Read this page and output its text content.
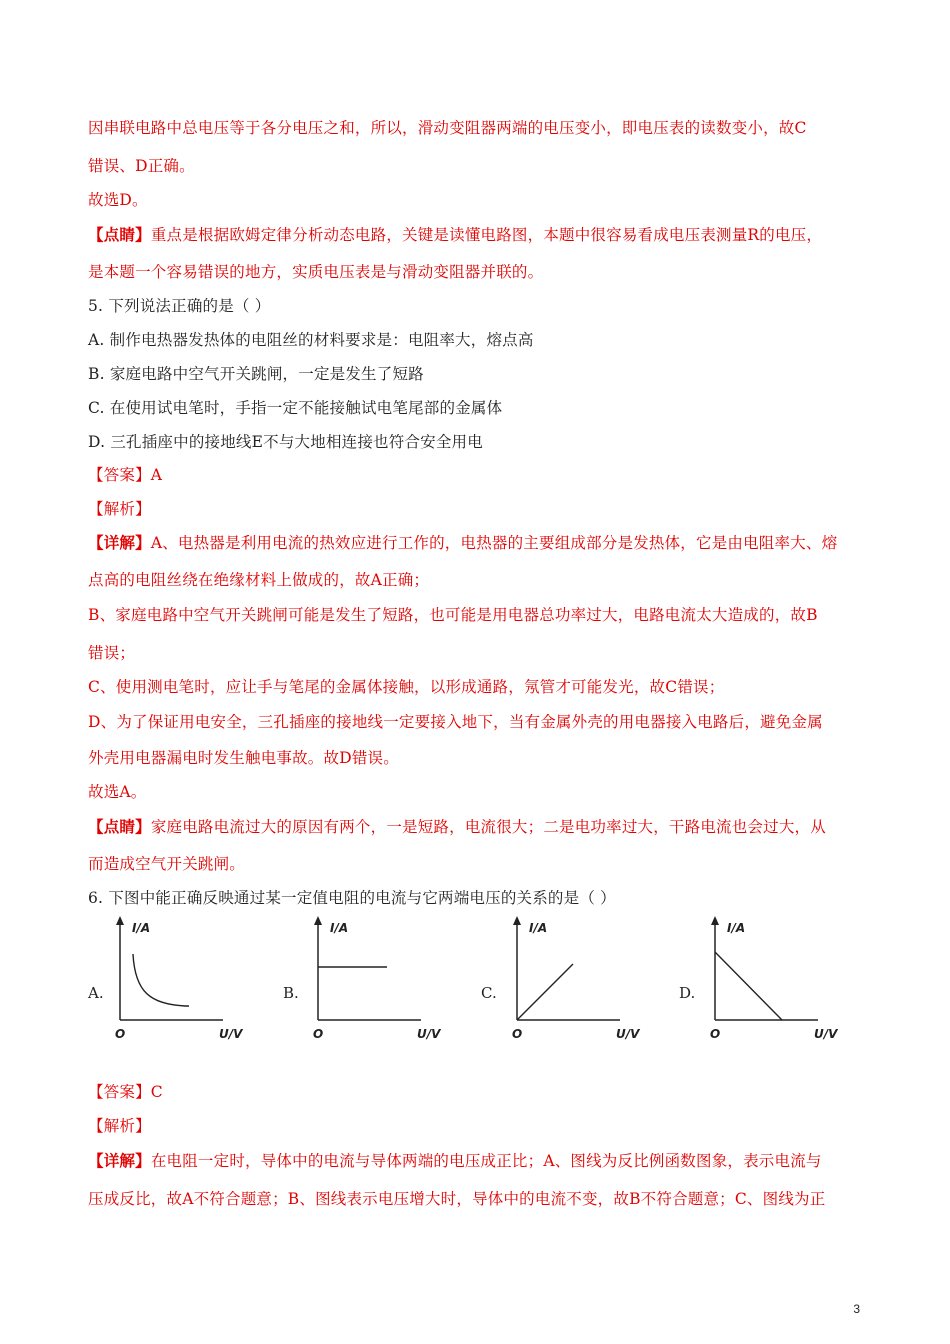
因串联电路中总电压等于各分电压之和，所以，滑动变阻器两端的电压变小，即电压表的读数变小，故C
错误、D正确。
故选D。
【点睛】重点是根据欧姆定律分析动态电路，关键是读懂电路图，本题中很容易看成电压表测量R的电压，
是本题一个容易错误的地方，实质电压表是与滑动变阻器并联的。
5. 下列说法正确的是（ ）
A. 制作电热器发热体的电阻丝的材料要求是：电阻率大，熔点高
B. 家庭电路中空气开关跳闸，一定是发生了短路
C. 在使用试电笔时，手指一定不能接触试电笔尾部的金属体
D. 三孔插座中的接地线E不与大地相连接也符合安全用电
【答案】A
【解析】
【详解】A、电热器是利用电流的热效应进行工作的，电热器的主要组成部分是发热体，它是由电阻率大、熔
点高的电阻丝绕在绝缘材料上做成的，故A正确；
B、家庭电路中空气开关跳闸可能是发生了短路，也可能是用电器总功率过大，电路电流太大造成的，故B
错误；
C、使用测电笔时，应让手与笔尾的金属体接触，以形成通路，氖管才可能发光，故C错误；
D、为了保证用电安全，三孔插座的接地线一定要接入地下，当有金属外壳的用电器接入电路后，避免金属
外壳用电器漏电时发生触电事故。故D错误。
故选A。
【点睛】家庭电路电流过大的原因有两个，一是短路，电流很大；二是电功率过大，干路电流也会过大，从
而造成空气开关跳闸。
6. 下图中能正确反映通过某一定值电阻的电流与它两端电压的关系的是（ ）
A.
I/A
O	U/V
B.
I/A
O	U/V
C.
I/A
O	U/V
D.
I/A
O	U/V
【答案】C
【解析】
【详解】在电阻一定时，导体中的电流与导体两端的电压成正比；A、图线为反比例函数图象，表示电流与
压成反比，故A不符合题意；B、图线表示电压增大时，导体中的电流不变，故B不符合题意；C、图线为正
3
